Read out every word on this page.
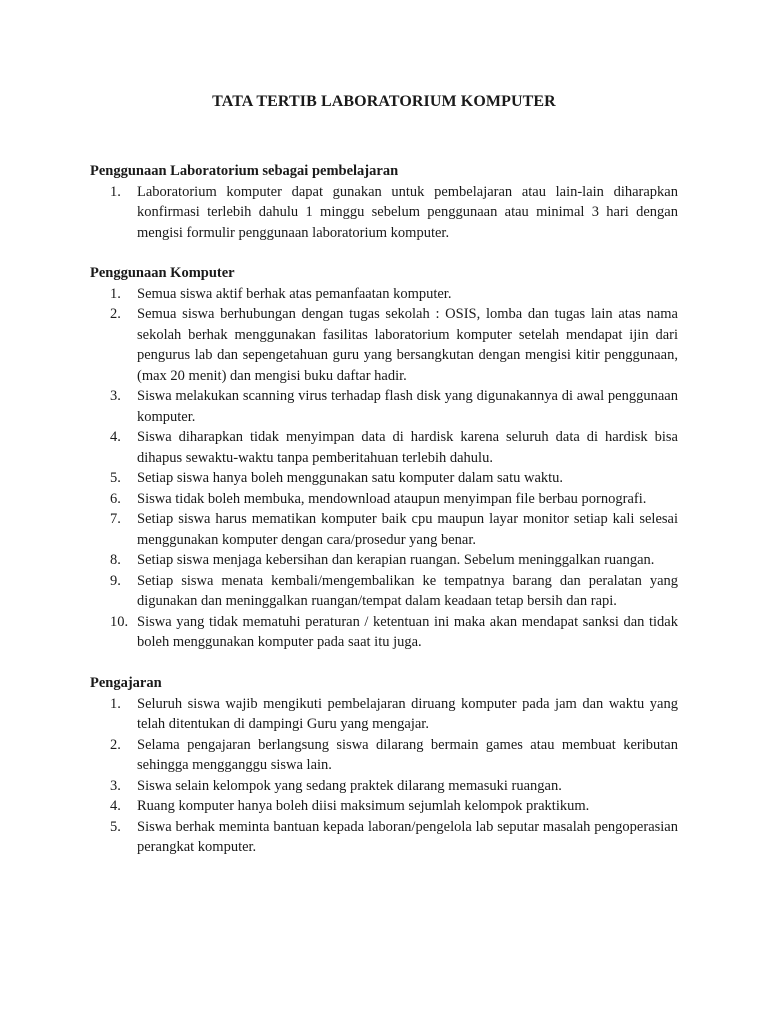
TATA TERTIB LABORATORIUM KOMPUTER
Penggunaan Laboratorium sebagai pembelajaran
1.	Laboratorium komputer dapat gunakan untuk pembelajaran atau lain-lain diharapkan konfirmasi terlebih dahulu 1 minggu sebelum penggunaan atau minimal 3 hari dengan mengisi formulir penggunaan laboratorium komputer.
Penggunaan Komputer
1.	Semua siswa aktif berhak atas pemanfaatan komputer.
2.	Semua siswa berhubungan dengan tugas sekolah : OSIS, lomba dan tugas lain atas nama sekolah berhak menggunakan fasilitas laboratorium komputer setelah mendapat ijin dari pengurus lab dan sepengetahuan guru yang bersangkutan dengan mengisi kitir penggunaan, (max 20 menit) dan mengisi buku daftar hadir.
3.	Siswa melakukan scanning virus terhadap flash disk yang digunakannya di awal penggunaan komputer.
4.	Siswa diharapkan tidak menyimpan data di hardisk karena seluruh data di hardisk bisa dihapus sewaktu-waktu tanpa pemberitahuan terlebih dahulu.
5.	Setiap siswa hanya boleh menggunakan satu komputer dalam satu waktu.
6.	Siswa tidak boleh membuka, mendownload ataupun menyimpan file berbau pornografi.
7.	Setiap siswa harus mematikan komputer baik cpu maupun layar monitor setiap kali selesai menggunakan komputer dengan cara/prosedur yang benar.
8.	Setiap siswa menjaga kebersihan dan kerapian ruangan. Sebelum meninggalkan ruangan.
9.	Setiap siswa menata kembali/mengembalikan ke tempatnya barang dan peralatan yang digunakan dan meninggalkan ruangan/tempat dalam keadaan tetap bersih dan rapi.
10. Siswa yang tidak mematuhi peraturan / ketentuan ini maka akan mendapat sanksi dan tidak boleh menggunakan komputer pada saat itu juga.
Pengajaran
1.	Seluruh siswa wajib mengikuti pembelajaran diruang komputer pada jam dan waktu yang telah ditentukan di dampingi Guru yang mengajar.
2.	Selama pengajaran berlangsung siswa dilarang bermain games atau membuat keributan sehingga mengganggu siswa lain.
3.	Siswa selain kelompok yang sedang praktek dilarang memasuki ruangan.
4.	Ruang komputer hanya boleh diisi maksimum sejumlah kelompok praktikum.
5.	Siswa berhak meminta bantuan kepada laboran/pengelola lab seputar masalah pengoperasian perangkat komputer.
